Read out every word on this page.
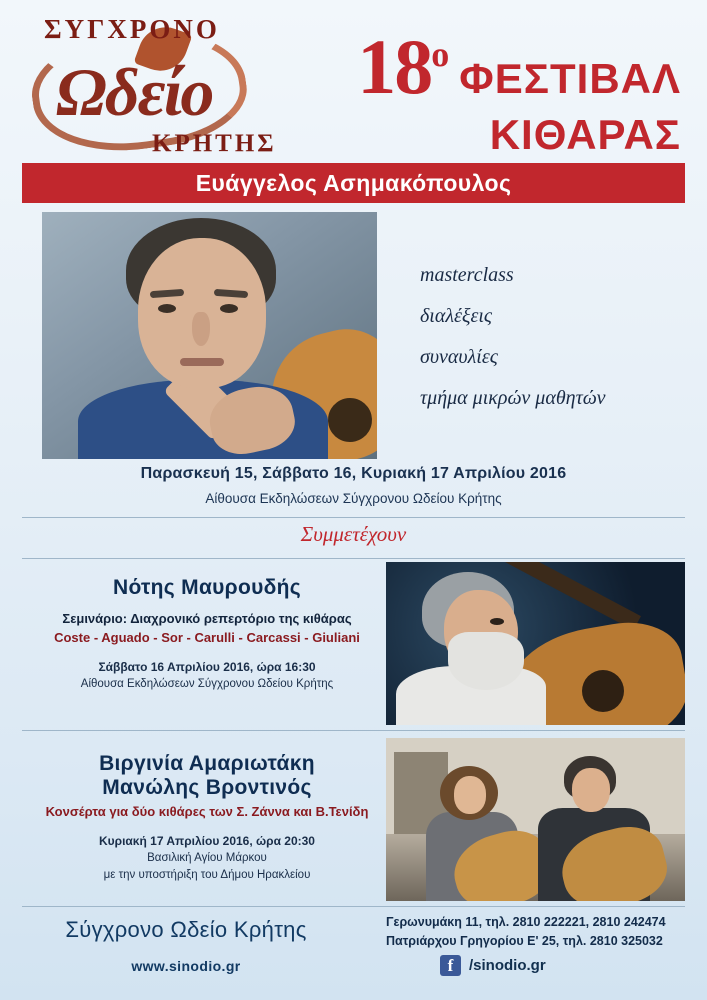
Ωδείο
ΣΥΓΧΡΟΝΟ
ΚΡΗΤΗΣ
$18^o$
ΦΕΣΤΙΒΑΛ
ΚΙΘΑΡΑΣ
Ευάγγελος Ασημακόπουλος
masterclass
διαλέξεις
συναυλίες
τμήμα μικρών μαθητών
Παρασκευή 15, Σάββατο 16, Κυριακή 17 Απριλίου 2016
Αίθουσα Εκδηλώσεων Σύγχρονου Ωδείου Κρήτης
Συμμετέχουν
Νότης Μαυρουδής
Σεμινάριο: Διαχρονικό ρεπερτόριο της κιθάρας
Coste - Aguado - Sor - Carulli - Carcassi - Giuliani
Σάββατο 16 Απριλίου 2016, ώρα 16:30
Αίθουσα Εκδηλώσεων Σύγχρονου Ωδείου Κρήτης
Βιργινία Αμαριωτάκη
Μανώλης Βροντινός
Κονσέρτα για δύο κιθάρες των Σ. Ζάννα και Β.Τενίδη
Κυριακή 17 Απριλίου 2016, ώρα 20:30
Βασιλική Αγίου Μάρκου
με την υποστήριξη του Δήμου Ηρακλείου
Σύγχρονο Ωδείο Κρήτης	Γερωνυμάκη 11, τηλ. 2810 222221, 2810 242474
Πατριάρχου Γρηγορίου Ε' 25, τηλ. 2810 325032
www.sinodio.gr	f	/sinodio.gr
